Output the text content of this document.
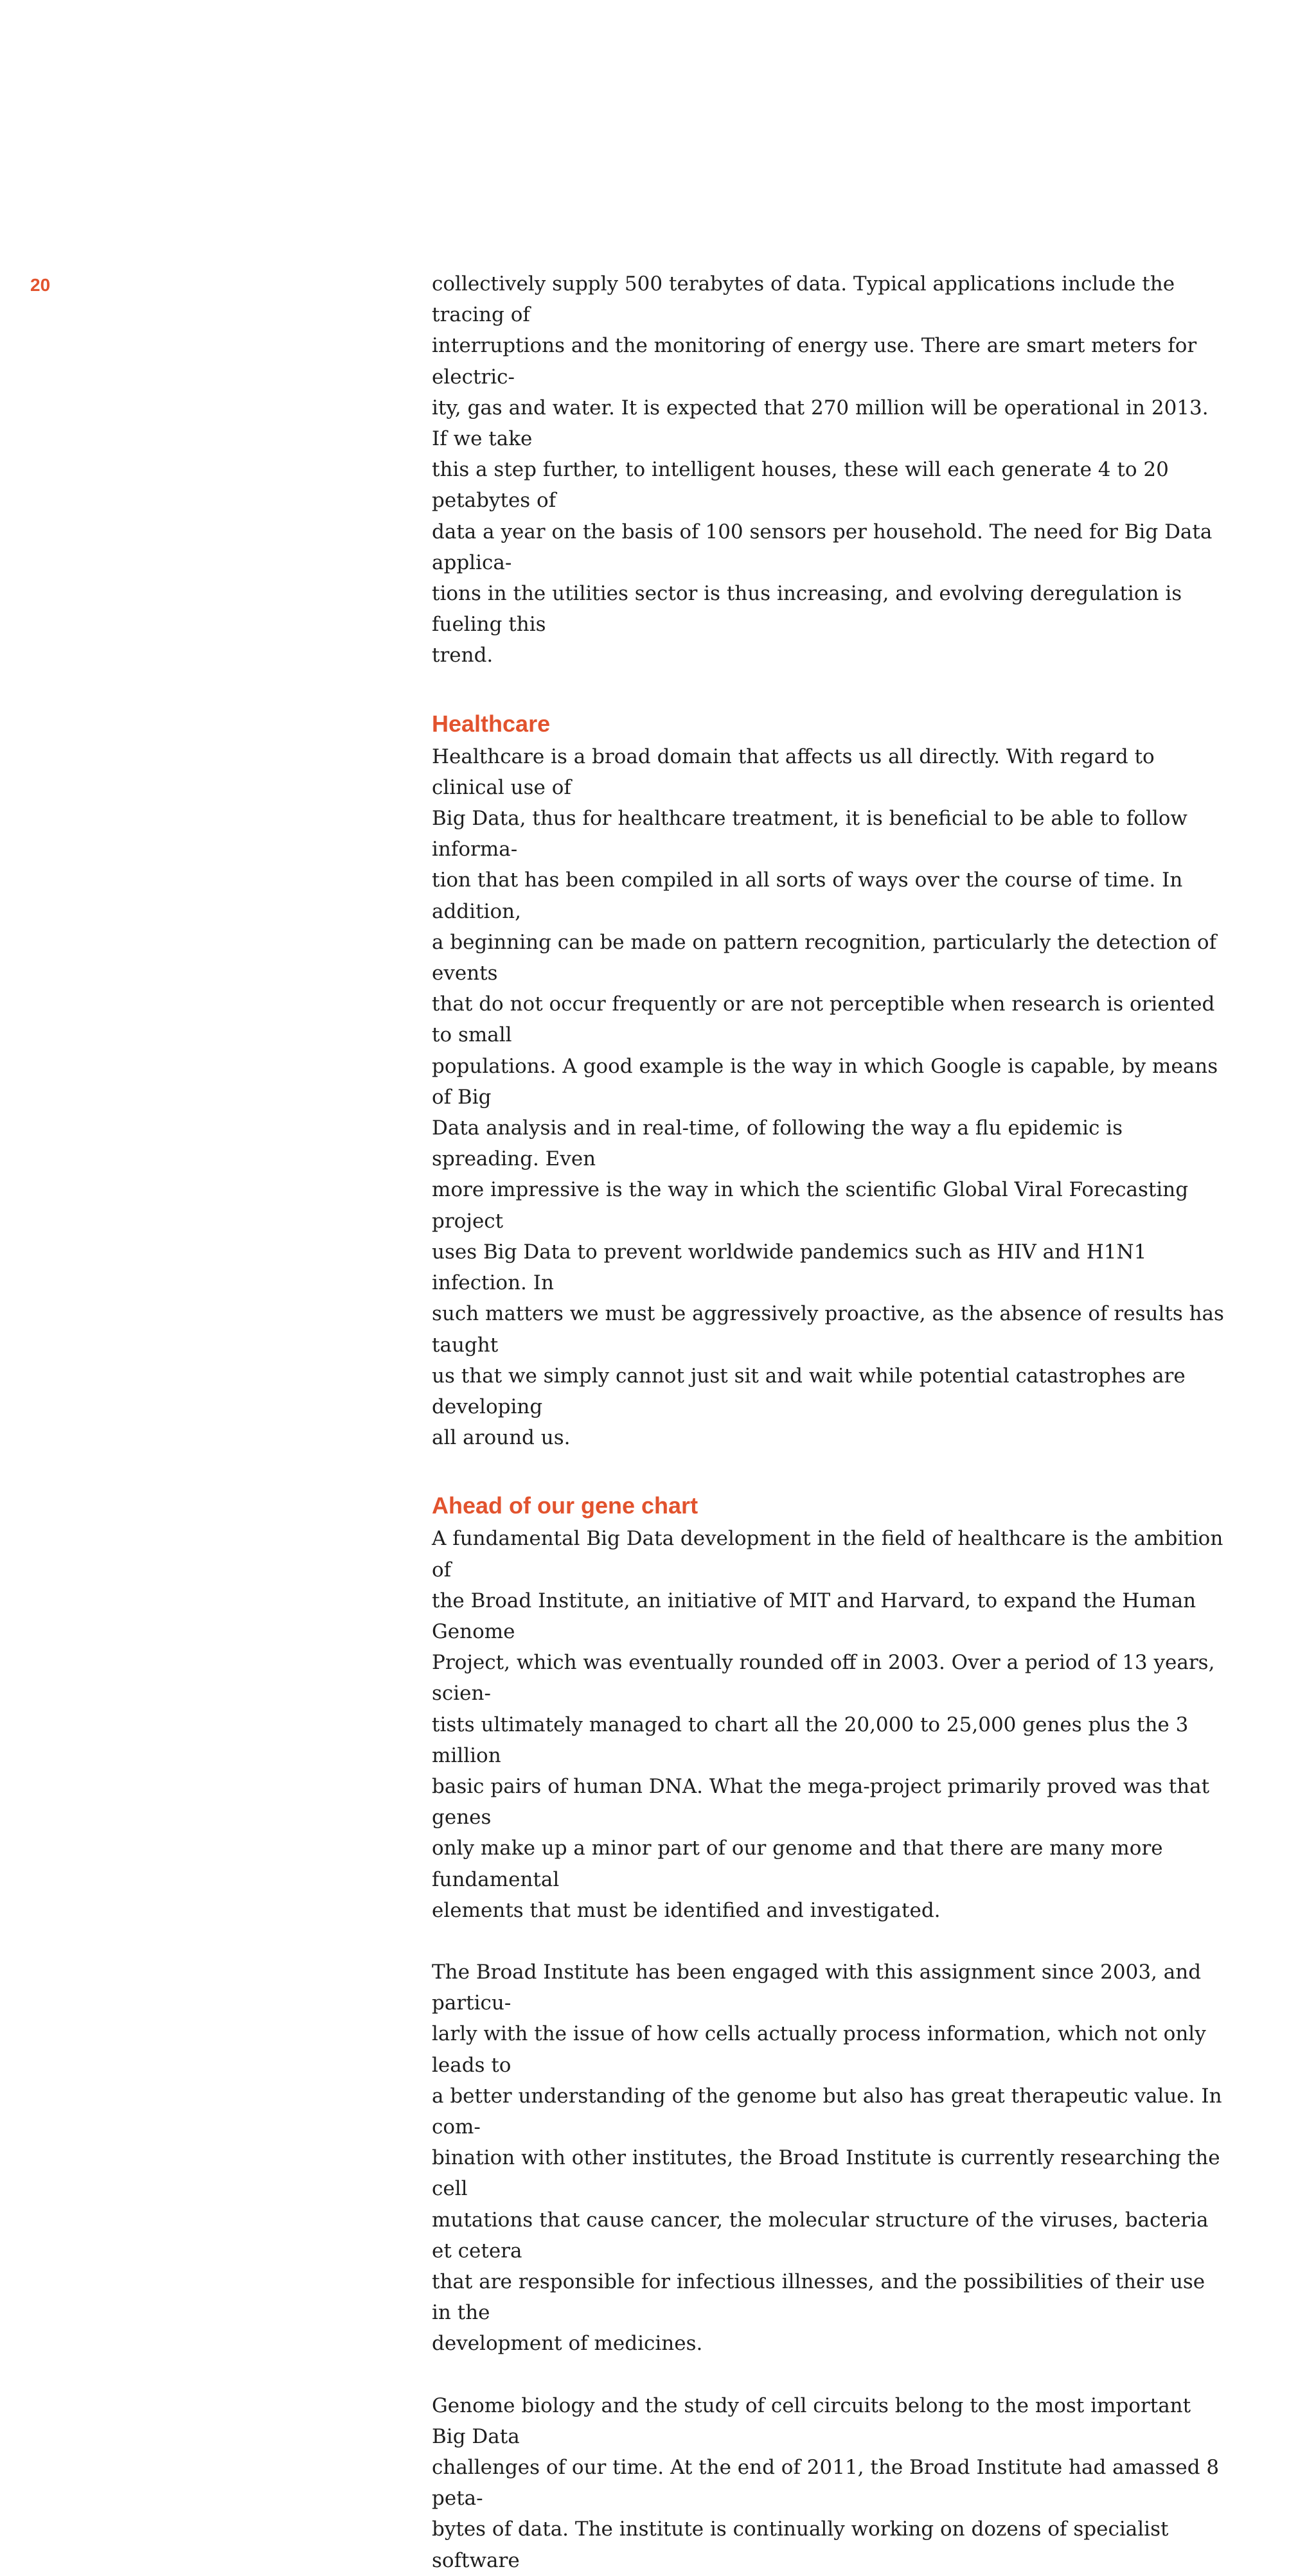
20	collectively supply 500 terabytes of data. Typical applications include the tracing of
interruptions and the monitoring of energy use. There are smart meters for electric-
ity, gas and water. It is expected that 270 million will be operational in 2013. If we take
this a step further, to intelligent houses, these will each generate 4 to 20 petabytes of
data a year on the basis of 100 sensors per household. The need for Big Data applica-
tions in the utilities sector is thus increasing, and evolving deregulation is fueling this
trend.

Healthcare

Healthcare is a broad domain that affects us all directly. With regard to clinical use of
Big Data, thus for healthcare treatment, it is beneficial to be able to follow informa-
tion that has been compiled in all sorts of ways over the course of time. In addition,
a beginning can be made on pattern recognition, particularly the detection of events
that do not occur frequently or are not perceptible when research is oriented to small
populations. A good example is the way in which Google is capable, by means of Big
Data analysis and in real-time, of following the way a flu epidemic is spreading. Even
more impressive is the way in which the scientific Global Viral Forecasting project
uses Big Data to prevent worldwide pandemics such as HIV and H1N1 infection. In
such matters we must be aggressively proactive, as the absence of results has taught
us that we simply cannot just sit and wait while potential catastrophes are developing
all around us.

Ahead of our gene chart

A fundamental Big Data development in the field of healthcare is the ambition of
the Broad Institute, an initiative of MIT and Harvard, to expand the Human Genome
Project, which was eventually rounded off in 2003. Over a period of 13 years, scien-
tists ultimately managed to chart all the 20,000 to 25,000 genes plus the 3 million
basic pairs of human DNA. What the mega-project primarily proved was that genes
only make up a minor part of our genome and that there are many more fundamental
elements that must be identified and investigated.

The Broad Institute has been engaged with this assignment since 2003, and particu-
larly with the issue of how cells actually process information, which not only leads to
a better understanding of the genome but also has great therapeutic value. In com-
bination with other institutes, the Broad Institute is currently researching the cell
mutations that cause cancer, the molecular structure of the viruses, bacteria et cetera
that are responsible for infectious illnesses, and the possibilities of their use in the
development of medicines.

Genome biology and the study of cell circuits belong to the most important Big Data
challenges of our time. At the end of 2011, the Broad Institute had amassed 8 peta-
bytes of data. The institute is continually working on dozens of specialist software
